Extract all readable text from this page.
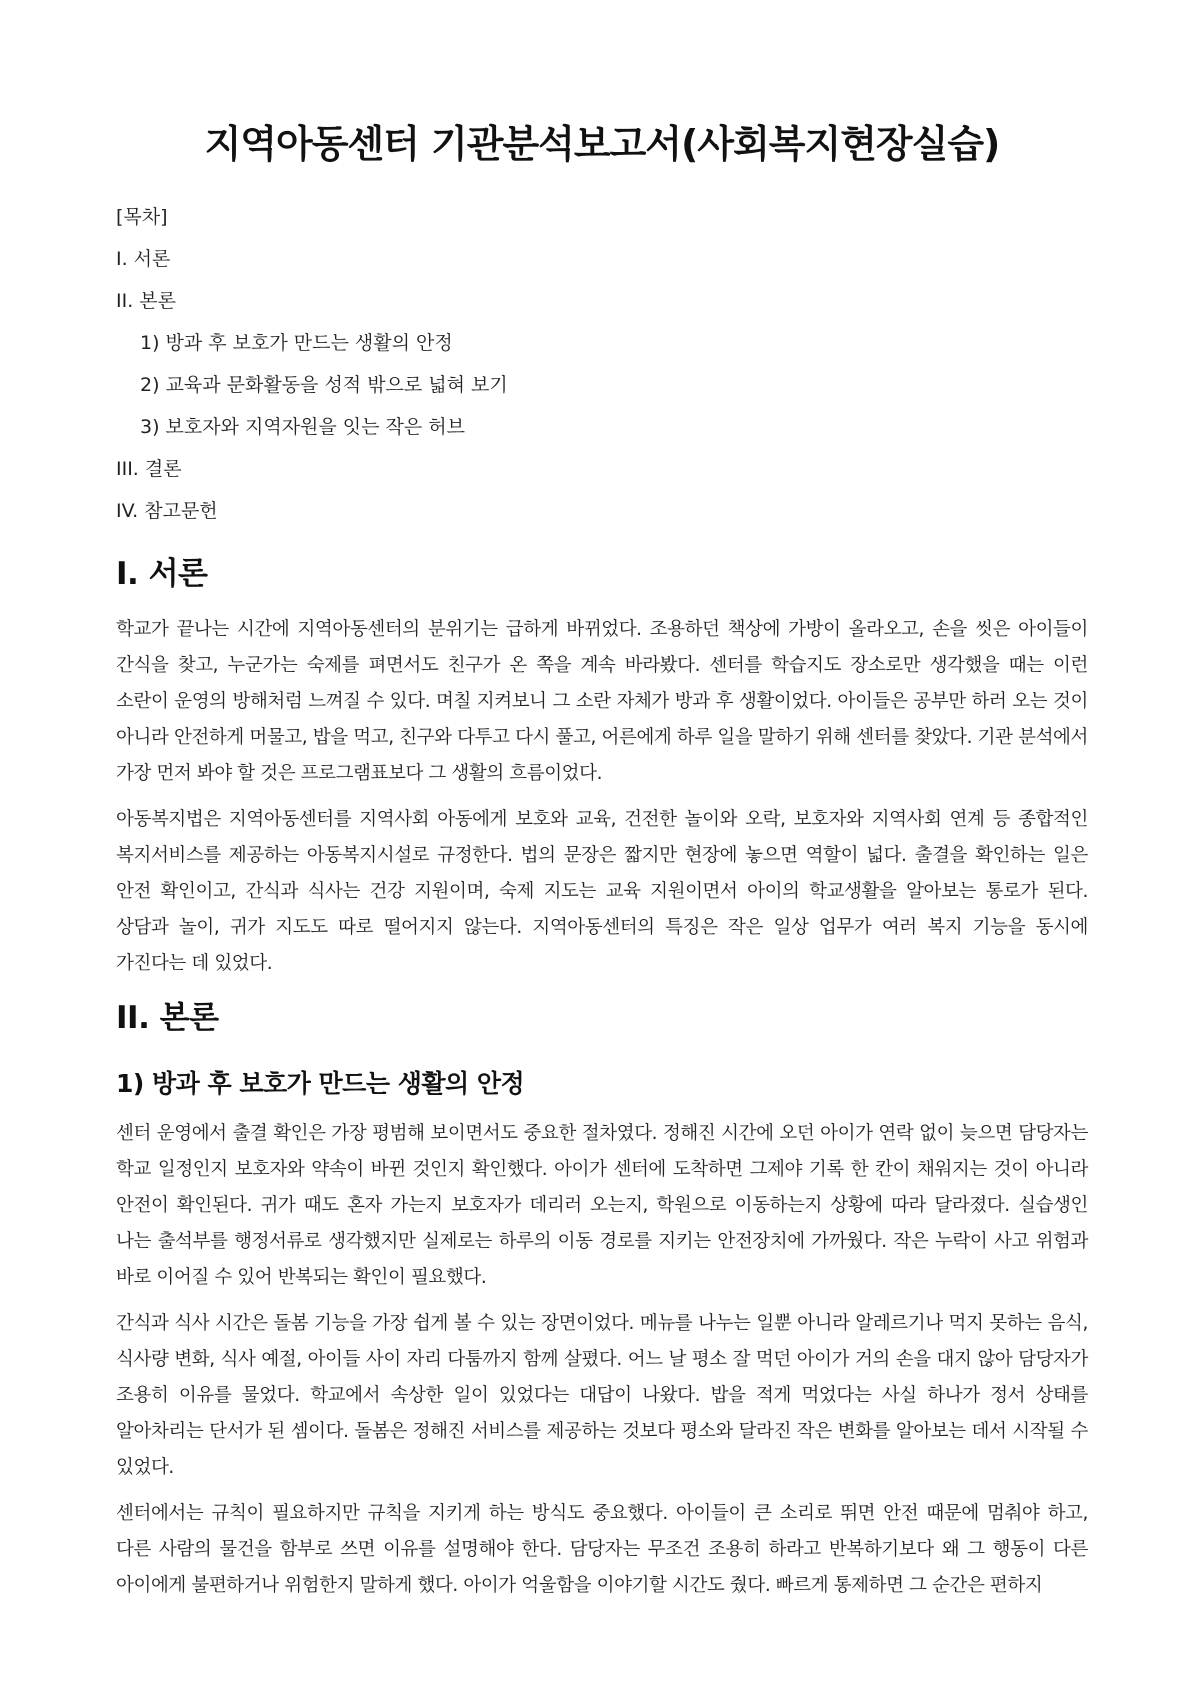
지역아동센터 기관분석보고서(사회복지현장실습)
[목차]
I. 서론
II. 본론
1) 방과 후 보호가 만드는 생활의 안정
2) 교육과 문화활동을 성적 밖으로 넓혀 보기
3) 보호자와 지역자원을 잇는 작은 허브
III. 결론
IV. 참고문헌
I. 서론

학교가 끝나는 시간에 지역아동센터의 분위기는 급하게 바뀌었다. 조용하던 책상에 가방이 올라오고, 손을 씻은 아이들이 간식을 찾고, 누군가는 숙제를 펴면서도 친구가 온 쪽을 계속 바라봤다. 센터를 학습지도 장소로만 생각했을 때는 이런 소란이 운영의 방해처럼 느껴질 수 있다. 며칠 지켜보니 그 소란 자체가 방과 후 생활이었다. 아이들은 공부만 하러 오는 것이 아니라 안전하게 머물고, 밥을 먹고, 친구와 다투고 다시 풀고, 어른에게 하루 일을 말하기 위해 센터를 찾았다. 기관 분석에서 가장 먼저 봐야 할 것은 프로그램표보다 그 생활의 흐름이었다.

아동복지법은 지역아동센터를 지역사회 아동에게 보호와 교육, 건전한 놀이와 오락, 보호자와 지역사회 연계 등 종합적인 복지서비스를 제공하는 아동복지시설로 규정한다. 법의 문장은 짧지만 현장에 놓으면 역할이 넓다. 출결을 확인하는 일은 안전 확인이고, 간식과 식사는 건강 지원이며, 숙제 지도는 교육 지원이면서 아이의 학교생활을 알아보는 통로가 된다. 상담과 놀이, 귀가 지도도 따로 떨어지지 않는다. 지역아동센터의 특징은 작은 일상 업무가 여러 복지 기능을 동시에 가진다는 데 있었다.

II. 본론
1) 방과 후 보호가 만드는 생활의 안정

센터 운영에서 출결 확인은 가장 평범해 보이면서도 중요한 절차였다. 정해진 시간에 오던 아이가 연락 없이 늦으면 담당자는 학교 일정인지 보호자와 약속이 바뀐 것인지 확인했다. 아이가 센터에 도착하면 그제야 기록 한 칸이 채워지는 것이 아니라 안전이 확인된다. 귀가 때도 혼자 가는지 보호자가 데리러 오는지, 학원으로 이동하는지 상황에 따라 달라졌다. 실습생인 나는 출석부를 행정서류로 생각했지만 실제로는 하루의 이동 경로를 지키는 안전장치에 가까웠다. 작은 누락이 사고 위험과 바로 이어질 수 있어 반복되는 확인이 필요했다.

간식과 식사 시간은 돌봄 기능을 가장 쉽게 볼 수 있는 장면이었다. 메뉴를 나누는 일뿐 아니라 알레르기나 먹지 못하는 음식, 식사량 변화, 식사 예절, 아이들 사이 자리 다툼까지 함께 살폈다. 어느 날 평소 잘 먹던 아이가 거의 손을 대지 않아 담당자가 조용히 이유를 물었다. 학교에서 속상한 일이 있었다는 대답이 나왔다. 밥을 적게 먹었다는 사실 하나가 정서 상태를 알아차리는 단서가 된 셈이다. 돌봄은 정해진 서비스를 제공하는 것보다 평소와 달라진 작은 변화를 알아보는 데서 시작될 수 있었다.

센터에서는 규칙이 필요하지만 규칙을 지키게 하는 방식도 중요했다. 아이들이 큰 소리로 뛰면 안전 때문에 멈춰야 하고, 다른 사람의 물건을 함부로 쓰면 이유를 설명해야 한다. 담당자는 무조건 조용히 하라고 반복하기보다 왜 그 행동이 다른 아이에게 불편하거나 위험한지 말하게 했다. 아이가 억울함을 이야기할 시간도 줬다. 빠르게 통제하면 그 순간은 편하지
